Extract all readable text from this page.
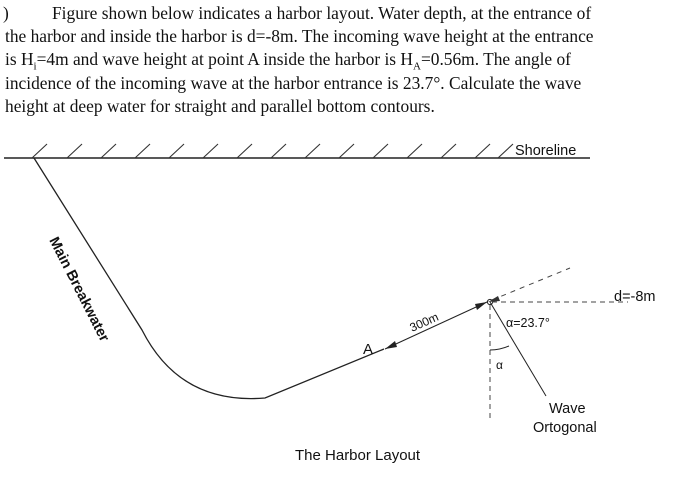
)	Figure shown below indicates a harbor layout. Water depth, at the entrance of
the harbor and inside the harbor is d=-8m. The incoming wave height at the entrance
is $H_i=4m$ and wave height at point A inside the harbor is $H_A=0.56m$. The angle of
incidence of the incoming wave at the harbor entrance is 23.7°. Calculate the wave
height at deep water for straight and parallel bottom contours.
Shoreline
Main Breakwater	300m
A
d=-8m
α
α=23.7°
Wave
Ortogonal
The Harbor Layout
